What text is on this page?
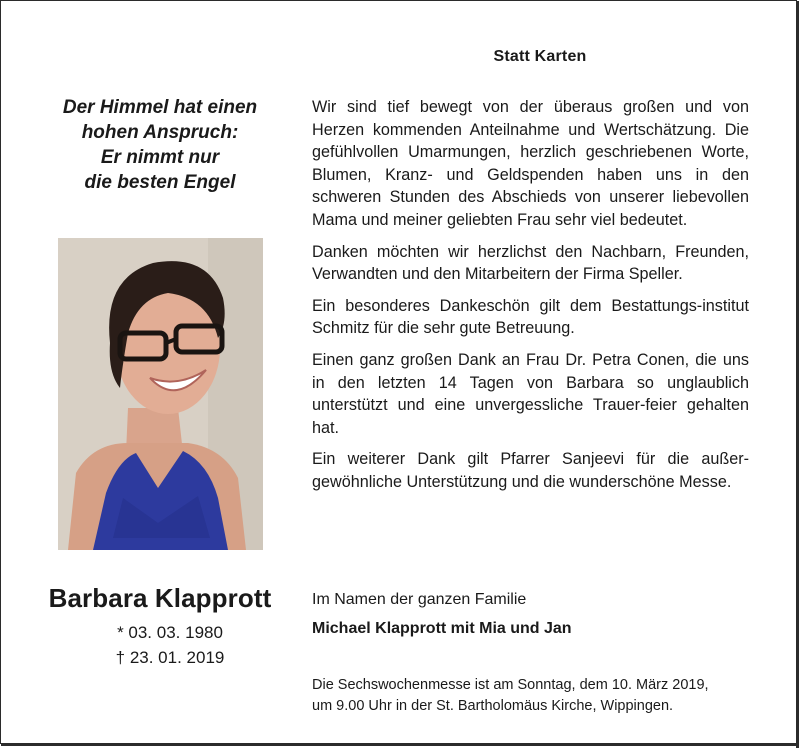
Statt Karten
Der Himmel hat einen
hohen Anspruch:
Er nimmt nur
die besten Engel
Barbara Klapprott
* 03. 03. 1980
† 23. 01. 2019

Wir sind tief bewegt von der überaus großen und von Herzen kommenden Anteilnahme und Wertschätzung. Die gefühlvollen Umarmungen, herzlich geschriebenen Worte, Blumen, Kranz- und Geldspenden haben uns in den schweren Stunden des Abschieds von unserer liebevollen Mama und meiner geliebten Frau sehr viel bedeutet.

Danken möchten wir herzlichst den Nachbarn, Freunden, Verwandten und den Mitarbeitern der Firma Speller.

Ein besonderes Dankeschön gilt dem Bestattungs-institut Schmitz für die sehr gute Betreuung.

Einen ganz großen Dank an Frau Dr. Petra Conen, die uns in den letzten 14 Tagen von Barbara so unglaublich unterstützt und eine unvergessliche Trauer-feier gehalten hat.

Ein weiterer Dank gilt Pfarrer Sanjeevi für die außer-gewöhnliche Unterstützung und die wunderschöne Messe.

Im Namen der ganzen Familie
Michael Klapprott mit Mia und Jan
Die Sechswochenmesse ist am Sonntag, dem 10. März 2019,
um 9.00 Uhr in der St. Bartholomäus Kirche, Wippingen.
